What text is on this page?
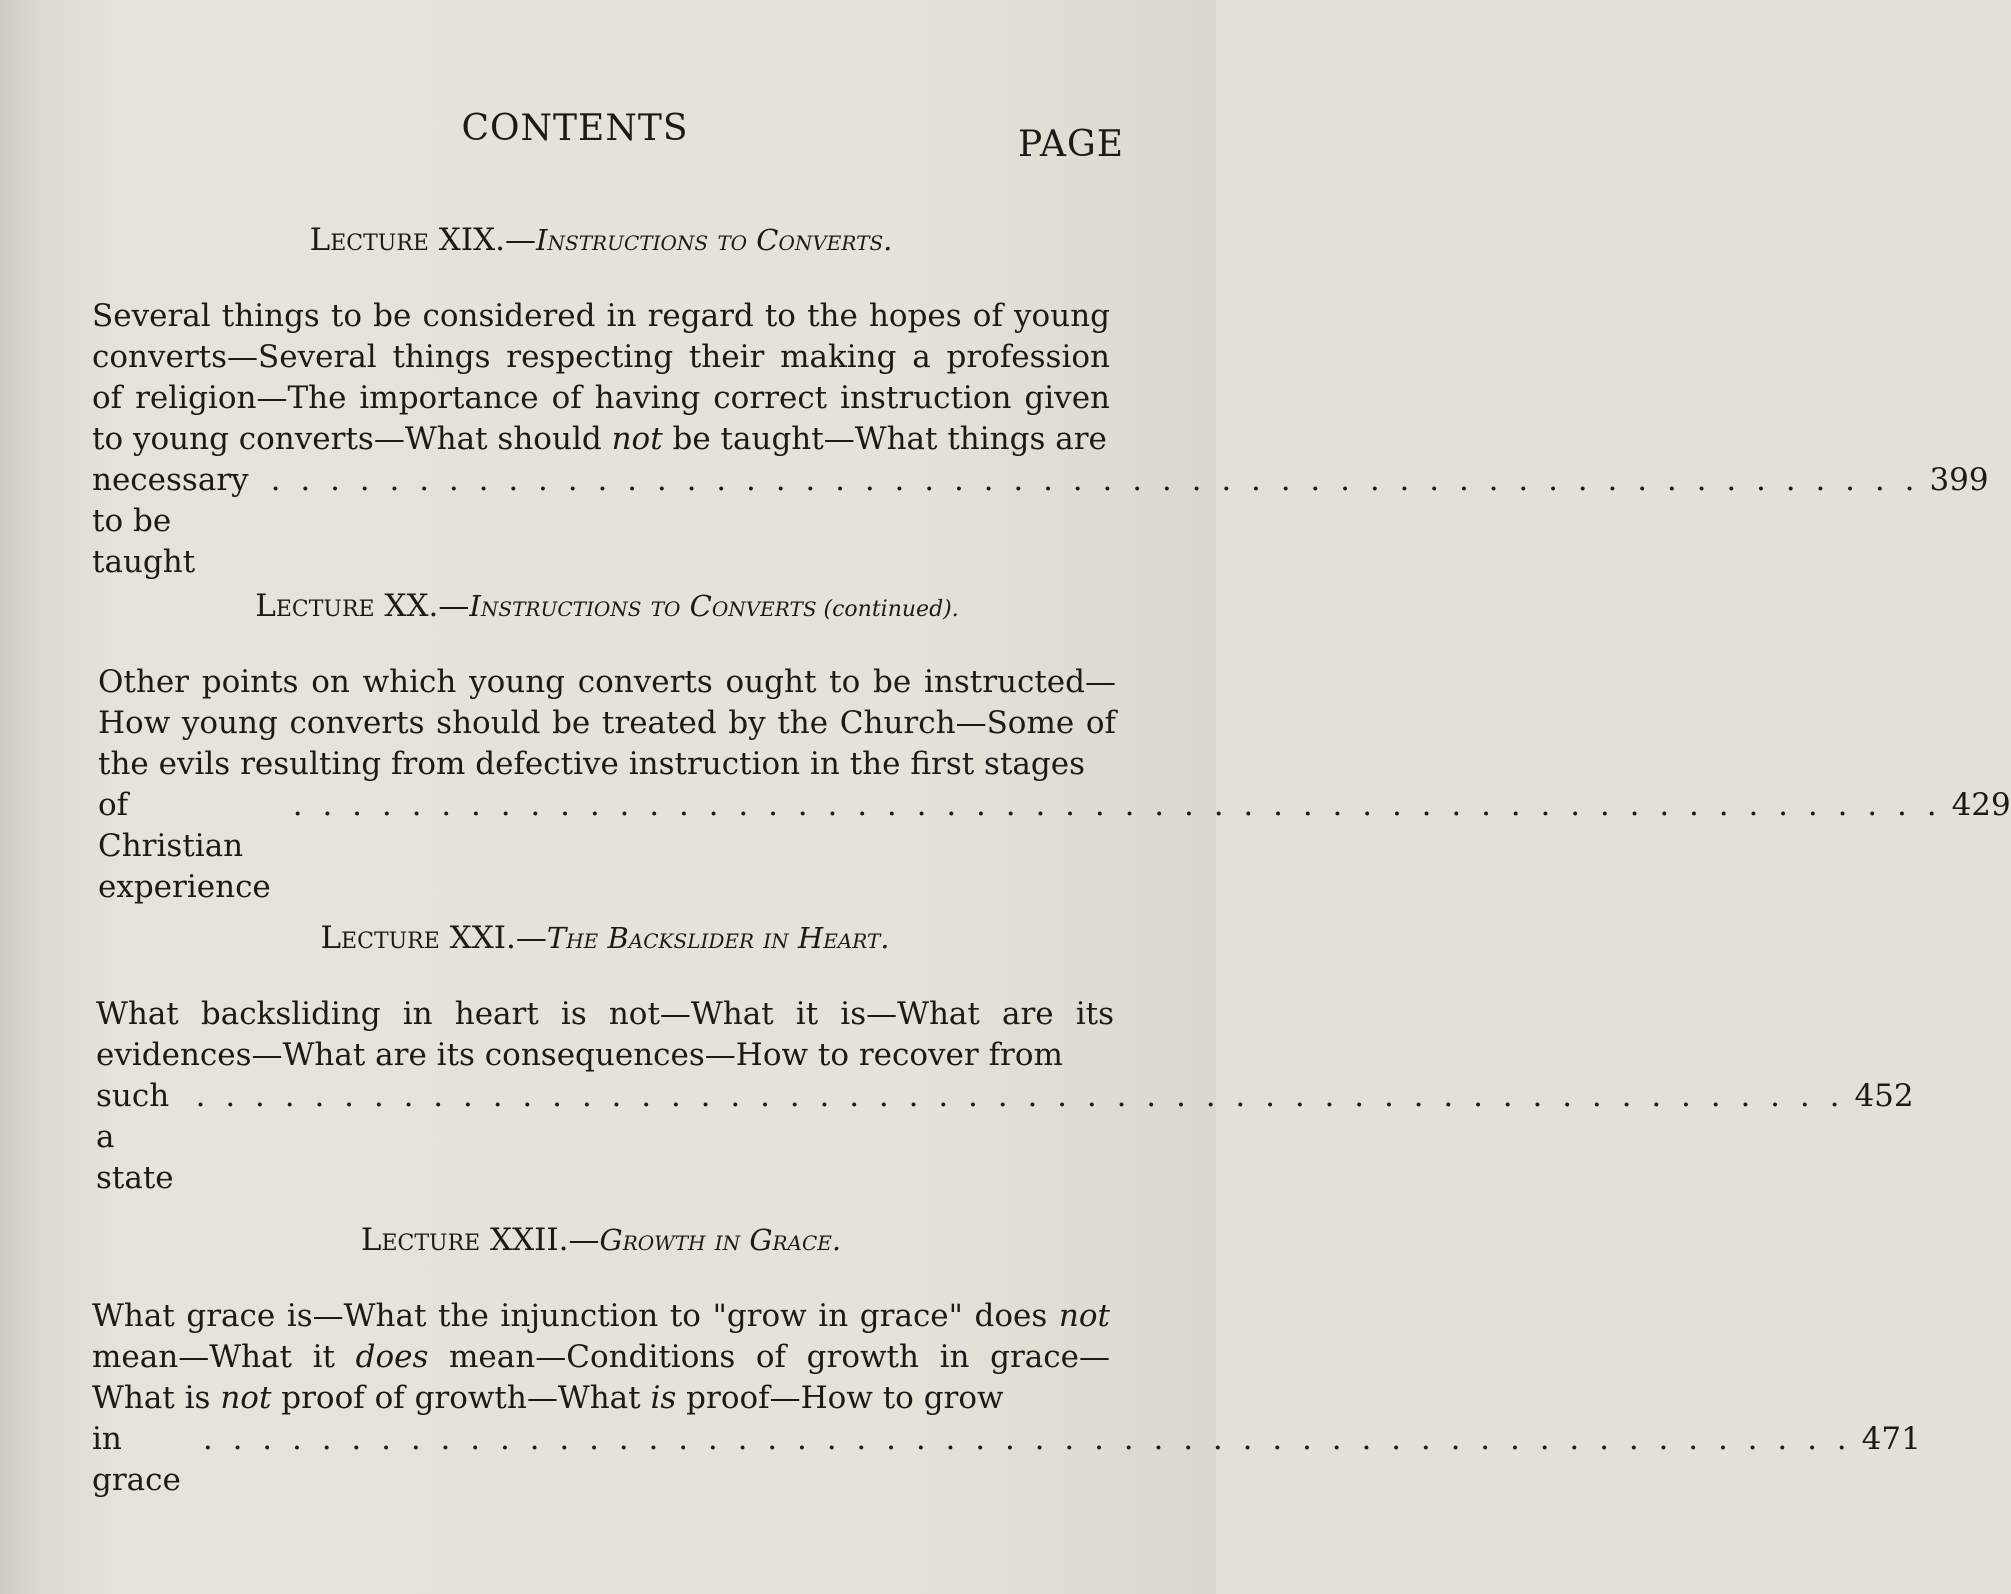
CONTENTS	PAGE
Lecture XIX.—Instructions to Converts.
Several things to be considered in regard to the hopes of young converts—Several things respecting their making a profession of religion—The importance of having correct instruction given to young converts—What should not be taught—What things are
necessary to be taught
. . . . . . . . . . . . . . . . . . . . . . . . . . . . . . . . . . . . . . . . . . . . . . . . . . . . . . . . 399
Lecture XX.—Instructions to Converts (continued).
Other points on which young converts ought to be instructed—How young converts should be treated by the Church—Some of the evils resulting from defective instruction in the first stages
of Christian experience
. . . . . . . . . . . . . . . . . . . . . . . . . . . . . . . . . . . . . . . . . . . . . . . . . . . . . . . . 429
Lecture XXI.—The Backslider in Heart.
What backsliding in heart is not—What it is—What are its evidences—What are its consequences—How to recover from
such a state
. . . . . . . . . . . . . . . . . . . . . . . . . . . . . . . . . . . . . . . . . . . . . . . . . . . . . . . . 452
Lecture XXII.—Growth in Grace.
What grace is—What the injunction to "grow in grace" does not mean—What it does mean—Conditions of growth in grace—What is not proof of growth—What is proof—How to grow
in grace
. . . . . . . . . . . . . . . . . . . . . . . . . . . . . . . . . . . . . . . . . . . . . . . . . . . . . . . . 471
